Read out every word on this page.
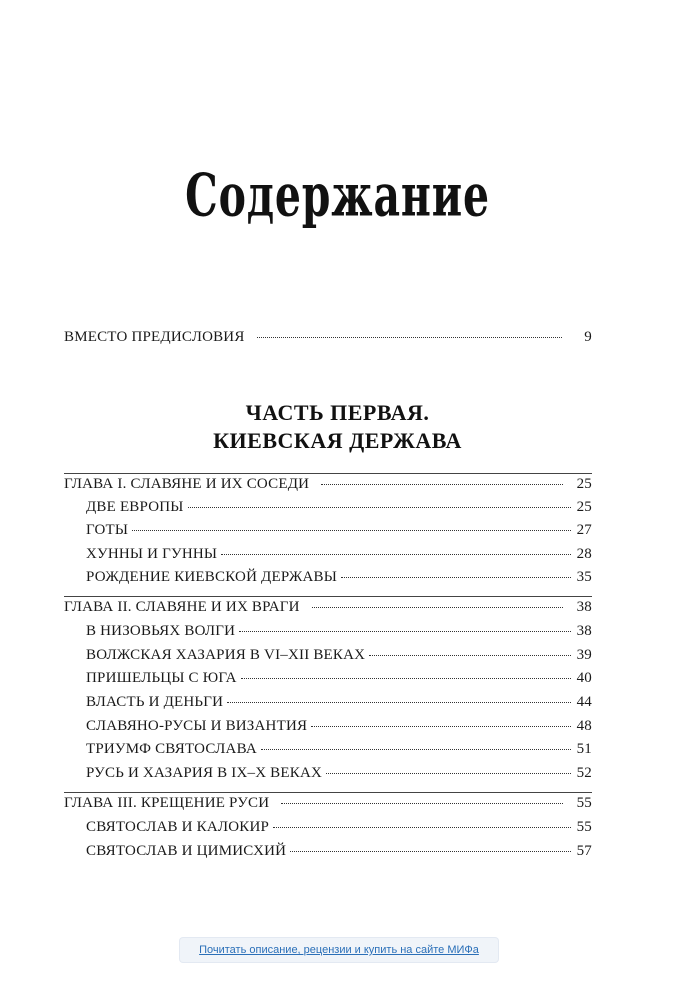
Содержание
ВМЕСТО ПРЕДИСЛОВИЯ	9
ЧАСТЬ ПЕРВАЯ.
КИЕВСКАЯ ДЕРЖАВА
ГЛАВА I. СЛАВЯНЕ И ИХ СОСЕДИ	25
ДВЕ ЕВРОПЫ	25
ГОТЫ	27
ХУННЫ И ГУННЫ	28
РОЖДЕНИЕ КИЕВСКОЙ ДЕРЖАВЫ	35
ГЛАВА II. СЛАВЯНЕ И ИХ ВРАГИ	38
В НИЗОВЬЯХ ВОЛГИ	38
ВОЛЖСКАЯ ХАЗАРИЯ В VI–XII ВЕКАХ	39
ПРИШЕЛЬЦЫ С ЮГА	40
ВЛАСТЬ И ДЕНЬГИ	44
СЛАВЯНО-РУСЫ И ВИЗАНТИЯ	48
ТРИУМФ СВЯТОСЛАВА	51
РУСЬ И ХАЗАРИЯ В IX–X ВЕКАХ	52
ГЛАВА III. КРЕЩЕНИЕ РУСИ	55
СВЯТОСЛАВ И КАЛОКИР	55
СВЯТОСЛАВ И ЦИМИСХИЙ	57
Почитать описание, рецензии и купить на сайте МИФа
